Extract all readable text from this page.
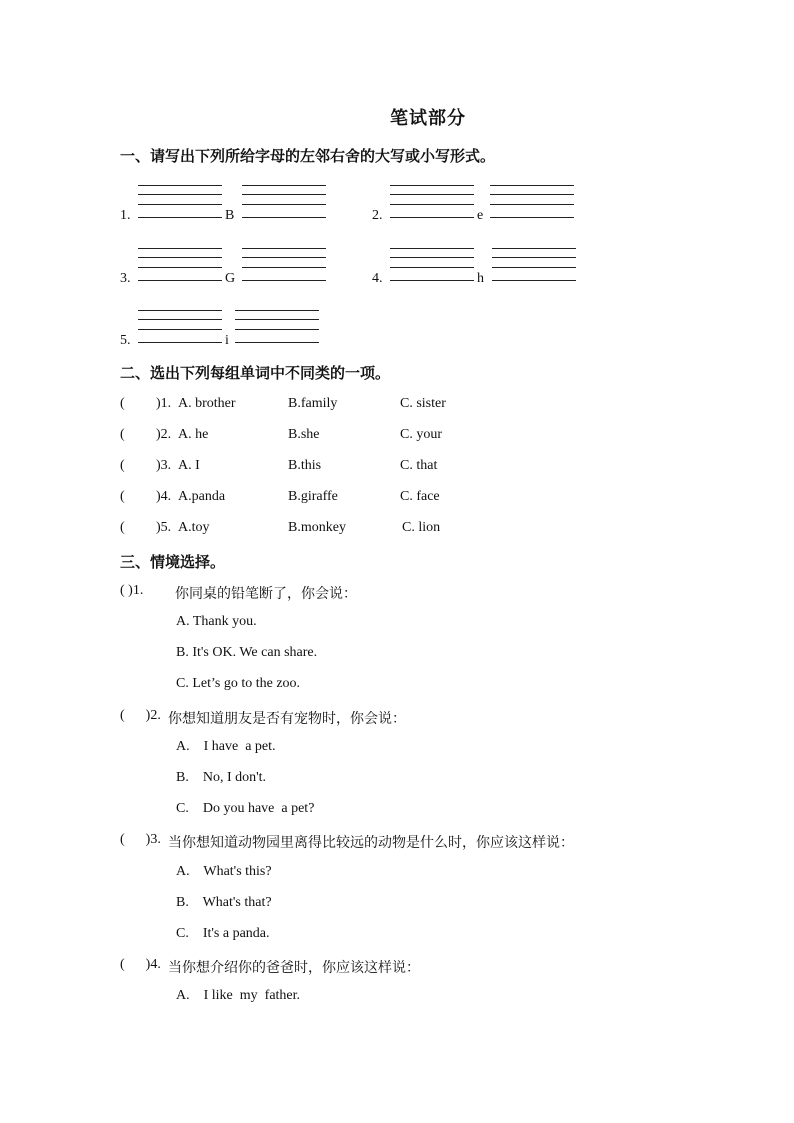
笔试部分
一、请写出下列所给字母的左邻右舍的大写或小写形式。
1.	B	2.	e
3.	G	4.	h
5.	i
二、选出下列每组单词中不同类的一项。
( )1. A. brother	B.family	C. sister
( )2. A. he	B.she	C. your
( )3. A. I	B.this	C. that
( )4. A.panda	B.giraffe	C. face
( )5. A.toy	B.monkey	C. lion
三、情境选择。
( )1. 你同桌的铅笔断了，你会说：
A. Thank you.
B. It's OK. We can share.
C. Let’s go to the zoo.
(      )2. 你想知道朋友是否有宠物时，你会说：
A.    I have  a pet.
B.    No, I don't.
C.    Do you have  a pet?
(      )3. 当你想知道动物园里离得比较远的动物是什么时，你应该这样说：
A.    What's this?
B.    What's that?
C.    It's a panda.
(      )4. 当你想介绍你的爸爸时，你应该这样说：
A.    I like  my  father.
